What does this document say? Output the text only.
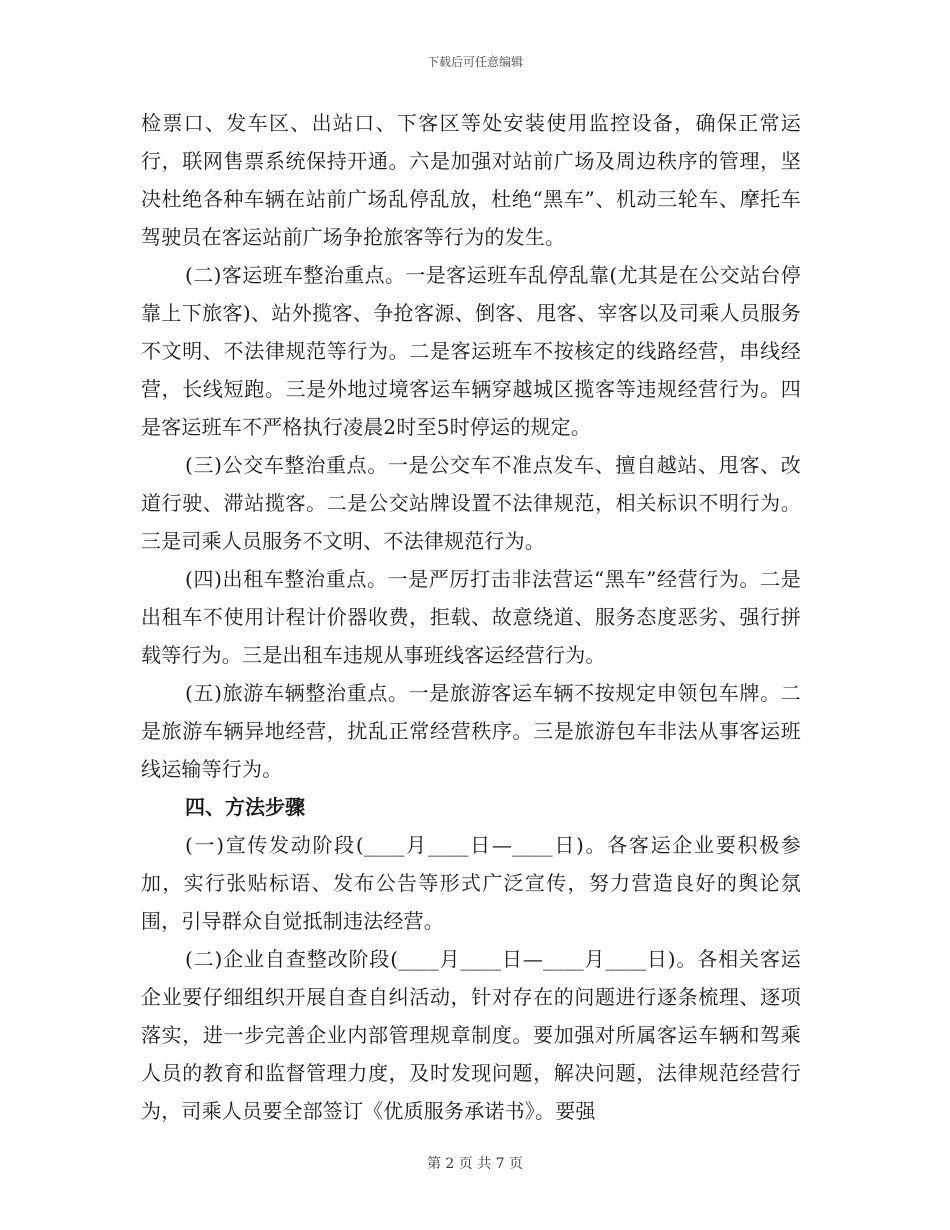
下载后可任意编辑

检票口、发车区、出站口、下客区等处安装使用监控设备，确保正常运行，联网售票系统保持开通。六是加强对站前广场及周边秩序的管理，坚决杜绝各种车辆在站前广场乱停乱放，杜绝“黑车”、机动三轮车、摩托车驾驶员在客运站前广场争抢旅客等行为的发生。

(二)客运班车整治重点。一是客运班车乱停乱靠(尤其是在公交站台停靠上下旅客)、站外揽客、争抢客源、倒客、甩客、宰客以及司乘人员服务不文明、不法律规范等行为。二是客运班车不按核定的线路经营，串线经营，长线短跑。三是外地过境客运车辆穿越城区揽客等违规经营行为。四是客运班车不严格执行凌晨2时至5时停运的规定。

(三)公交车整治重点。一是公交车不准点发车、擅自越站、甩客、改道行驶、滞站揽客。二是公交站牌设置不法律规范，相关标识不明行为。三是司乘人员服务不文明、不法律规范行为。

(四)出租车整治重点。一是严厉打击非法营运“黑车”经营行为。二是出租车不使用计程计价器收费，拒载、故意绕道、服务态度恶劣、强行拼载等行为。三是出租车违规从事班线客运经营行为。

(五)旅游车辆整治重点。一是旅游客运车辆不按规定申领包车牌。二是旅游车辆异地经营，扰乱正常经营秩序。三是旅游包车非法从事客运班线运输等行为。

四、方法步骤

(一)宣传发动阶段(____月____日—____日)。各客运企业要积极参加，实行张贴标语、发布公告等形式广泛宣传，努力营造良好的舆论氛围，引导群众自觉抵制违法经营。

(二)企业自查整改阶段(____月____日—____月____日)。各相关客运企业要仔细组织开展自查自纠活动，针对存在的问题进行逐条梳理、逐项落实，进一步完善企业内部管理规章制度。要加强对所属客运车辆和驾乘人员的教育和监督管理力度，及时发现问题，解决问题，法律规范经营行为，司乘人员要全部签订《优质服务承诺书》。要强

第 2 页 共 7 页
